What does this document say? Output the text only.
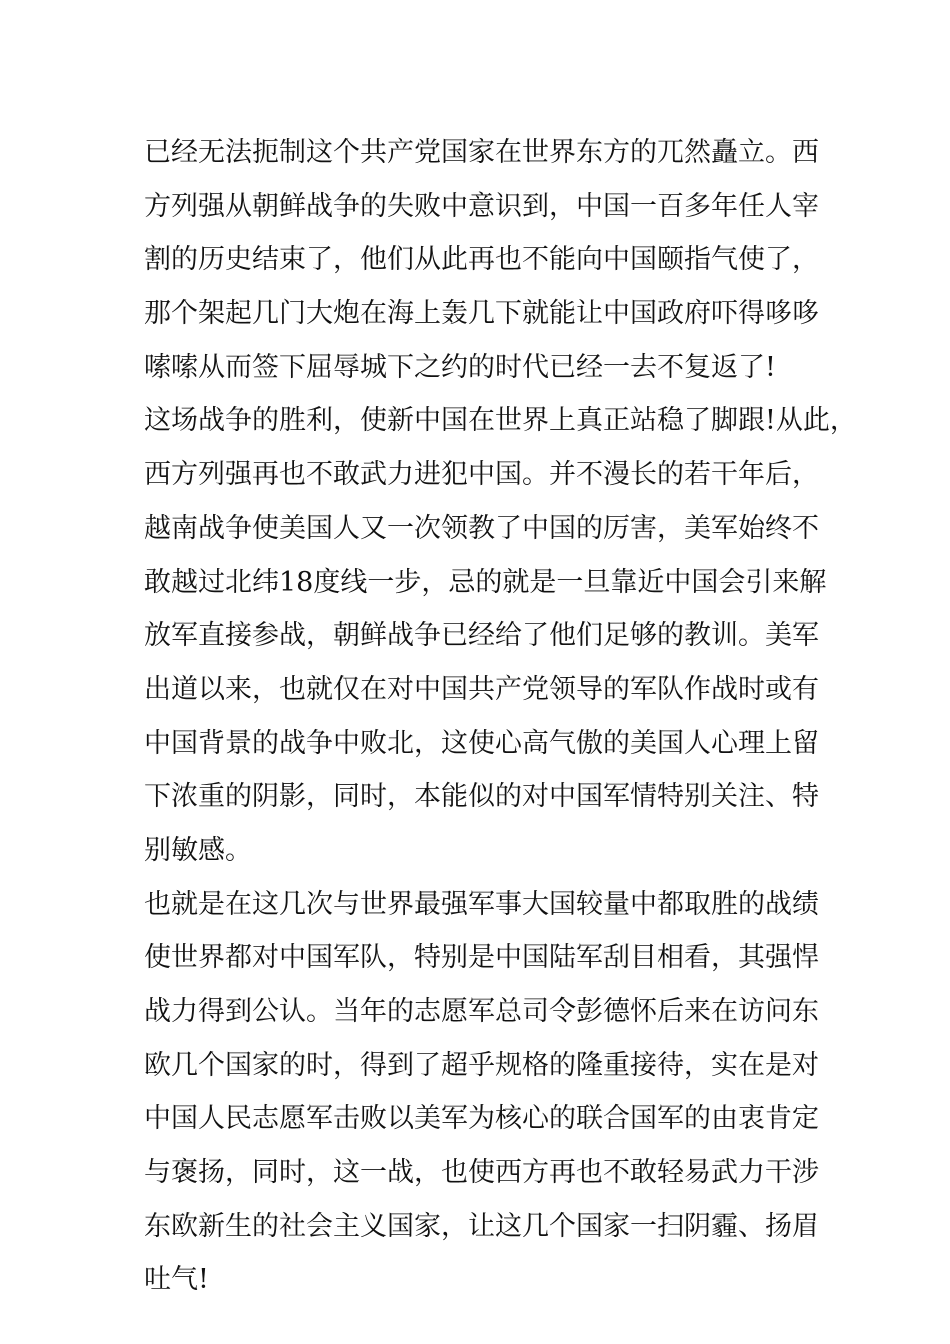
已经无法扼制这个共产党国家在世界东方的兀然矗立。西

方列强从朝鲜战争的失败中意识到，中国一百多年任人宰

割的历史结束了，他们从此再也不能向中国颐指气使了，

那个架起几门大炮在海上轰几下就能让中国政府吓得哆哆

嗦嗦从而签下屈辱城下之约的时代已经一去不复返了!

这场战争的胜利，使新中国在世界上真正站稳了脚跟!从此，

西方列强再也不敢武力进犯中国。并不漫长的若干年后，

越南战争使美国人又一次领教了中国的厉害，美军始终不

敢越过北纬18度线一步，忌的就是一旦靠近中国会引来解

放军直接参战，朝鲜战争已经给了他们足够的教训。美军

出道以来，也就仅在对中国共产党领导的军队作战时或有

中国背景的战争中败北，这使心高气傲的美国人心理上留

下浓重的阴影，同时，本能似的对中国军情特别关注、特

别敏感。

也就是在这几次与世界最强军事大国较量中都取胜的战绩

使世界都对中国军队，特别是中国陆军刮目相看，其强悍

战力得到公认。当年的志愿军总司令彭德怀后来在访问东

欧几个国家的时，得到了超乎规格的隆重接待，实在是对

中国人民志愿军击败以美军为核心的联合国军的由衷肯定

与褒扬，同时，这一战，也使西方再也不敢轻易武力干涉

东欧新生的社会主义国家，让这几个国家一扫阴霾、扬眉

吐气!
